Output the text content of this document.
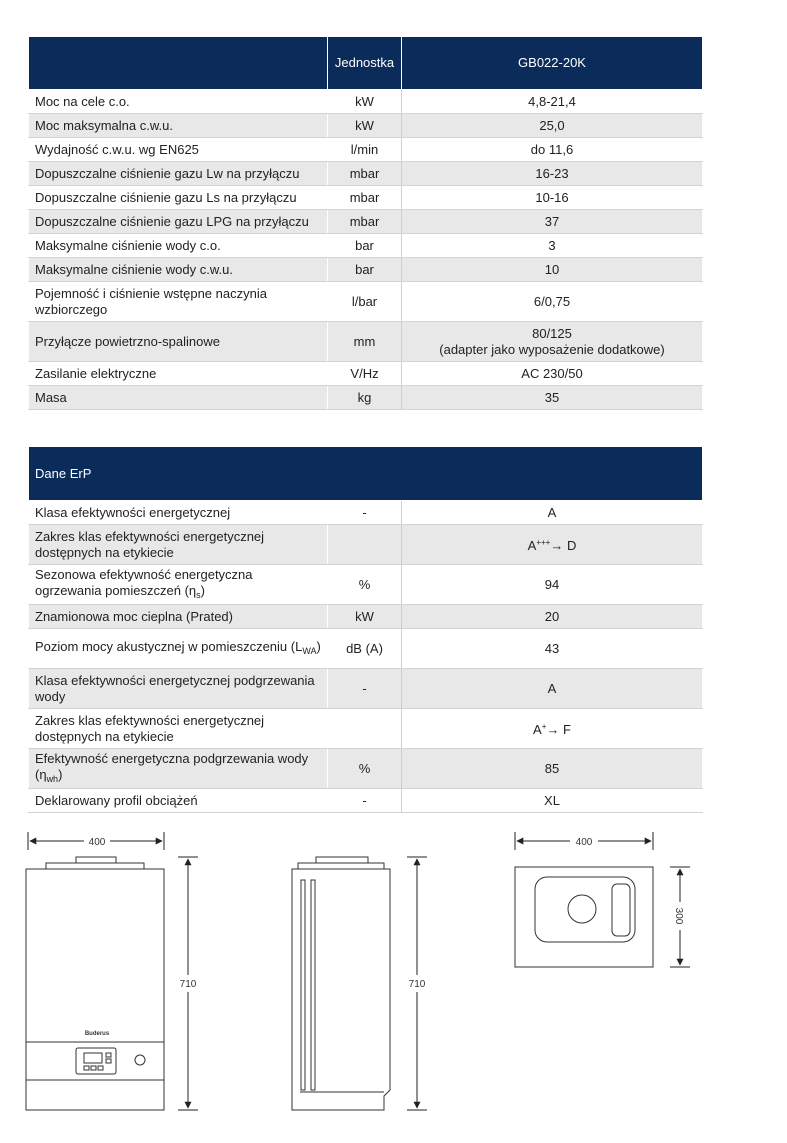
	Jednostka	GB022-20K
Moc na cele c.o.	kW	4,8-21,4
Moc maksymalna c.w.u.	kW	25,0
Wydajność c.w.u. wg EN625	l/min	do 11,6
Dopuszczalne ciśnienie gazu Lw na przyłączu	mbar	16-23
Dopuszczalne ciśnienie gazu Ls na przyłączu	mbar	10-16
Dopuszczalne ciśnienie gazu LPG na przyłączu	mbar	37
Maksymalne ciśnienie wody c.o.	bar	3
Maksymalne ciśnienie wody c.w.u.	bar	10
Pojemność i ciśnienie wstępne naczynia wzbiorczego	l/bar	6/0,75
Przyłącze powietrzno-spalinowe	mm	80/125
(adapter jako wyposażenie dodatkowe)

Zasilanie elektryczne	V/Hz	AC 230/50
Masa	kg	35
Dane ErP		
Klasa efektywności energetycznej	-	A
Zakres klas efektywności energetycznej dostępnych na etykiecie		A+++→ D
Sezonowa efektywność energetyczna ogrzewania pomieszczeń $(\eta_s)$	%	94
Znamionowa moc cieplna (Prated)	kW	20
Poziom mocy akustycznej w pomieszczeniu $(L_{WA})$	dB (A)	43
Klasa efektywności energetycznej podgrzewania wody	-	A
Zakres klas efektywności energetycznej dostępnych na etykiecie		A+→ F
Efektywność energetyczna podgrzewania wody $(\eta_{wh})$	%	85
Deklarowany profil obciążeń	-	XL
400
Buderus
710	710
400
300
